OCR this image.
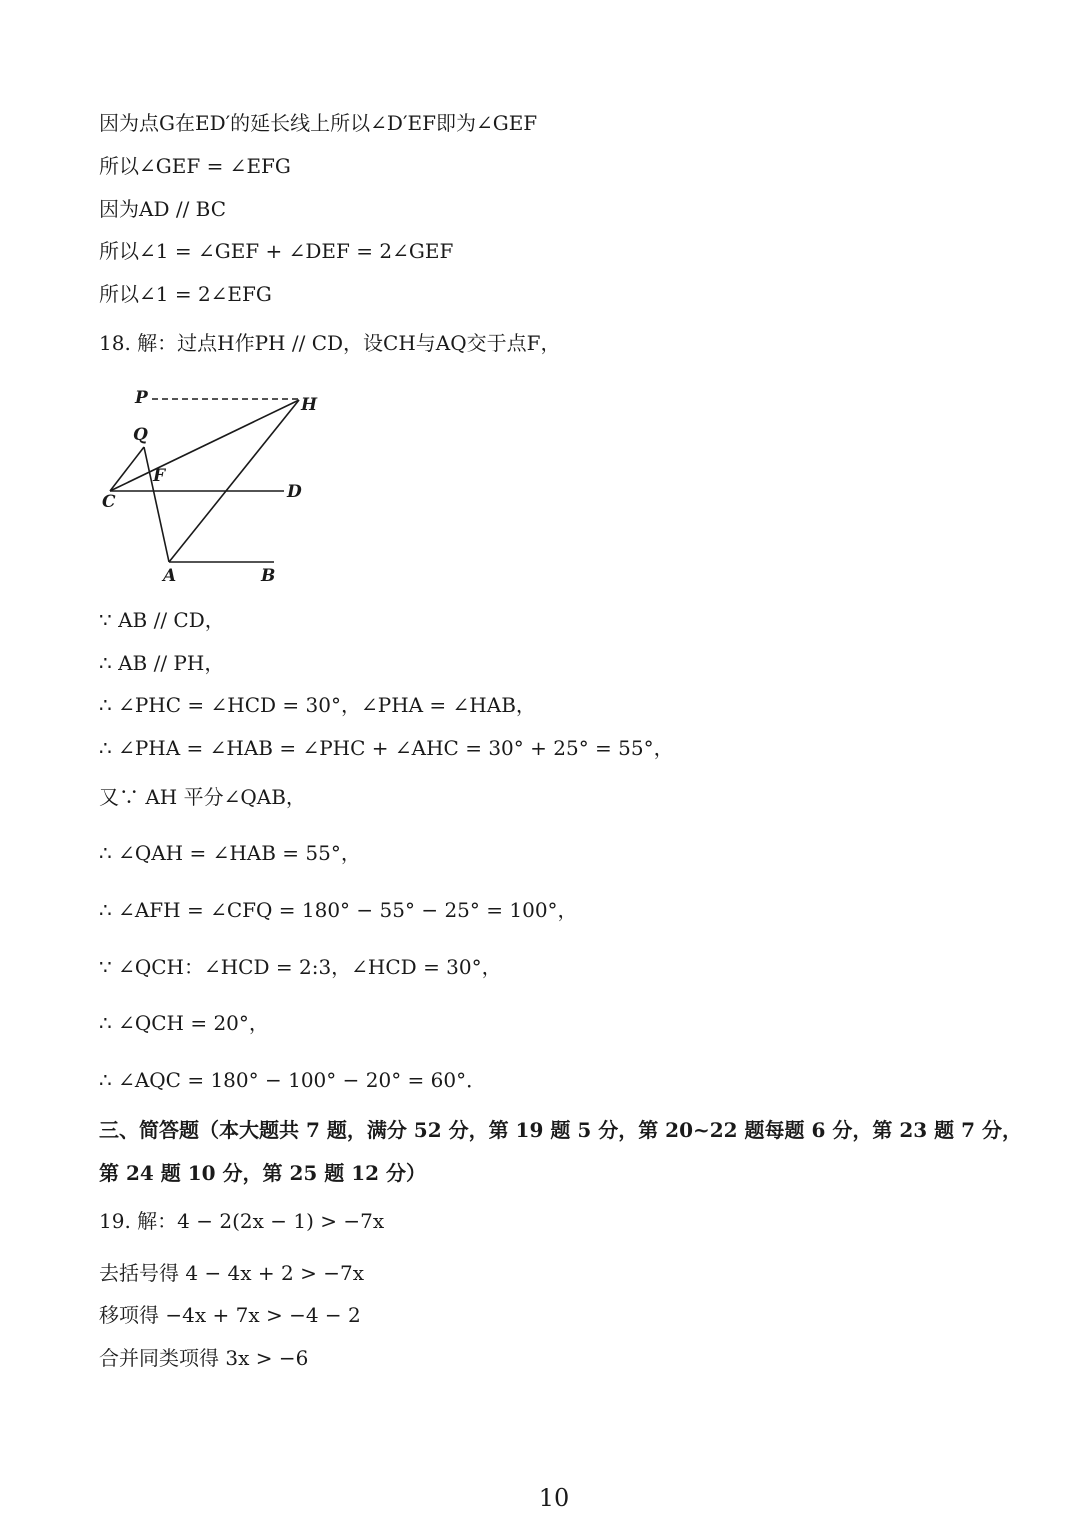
因为点G在ED′的延长线上所以∠D′EF即为∠GEF
所以∠GEF = ∠EFG
因为AD // BC
所以∠1 = ∠GEF + ∠DEF = 2∠GEF
所以∠1 = 2∠EFG
18. 解：过点H作PH // CD，设CH与AQ交于点F，
P	H
Q
F
C	D
A	B
∵ AB // CD，
∴ AB // PH，
∴ ∠PHC = ∠HCD = 30°，∠PHA = ∠HAB，
∴ ∠PHA = ∠HAB = ∠PHC + ∠AHC = 30° + 25° = 55°，
又∵ AH 平分∠QAB，
∴ ∠QAH = ∠HAB = 55°，
∴ ∠AFH = ∠CFQ = 180° − 55° − 25° = 100°，
∵ ∠QCH：∠HCD = 2:3，∠HCD = 30°，
∴ ∠QCH = 20°，
∴ ∠AQC = 180° − 100° − 20° = 60°．
三、简答题（本大题共 7 题，满分 52 分，第 19 题 5 分，第 20~22 题每题 6 分，第 23 题 7 分，
第 24 题 10 分，第 25 题 12 分）
19. 解：4 − 2(2x − 1) > −7x
去括号得 4 − 4x + 2 > −7x
移项得 −4x + 7x > −4 − 2
合并同类项得 3x > −6
10
